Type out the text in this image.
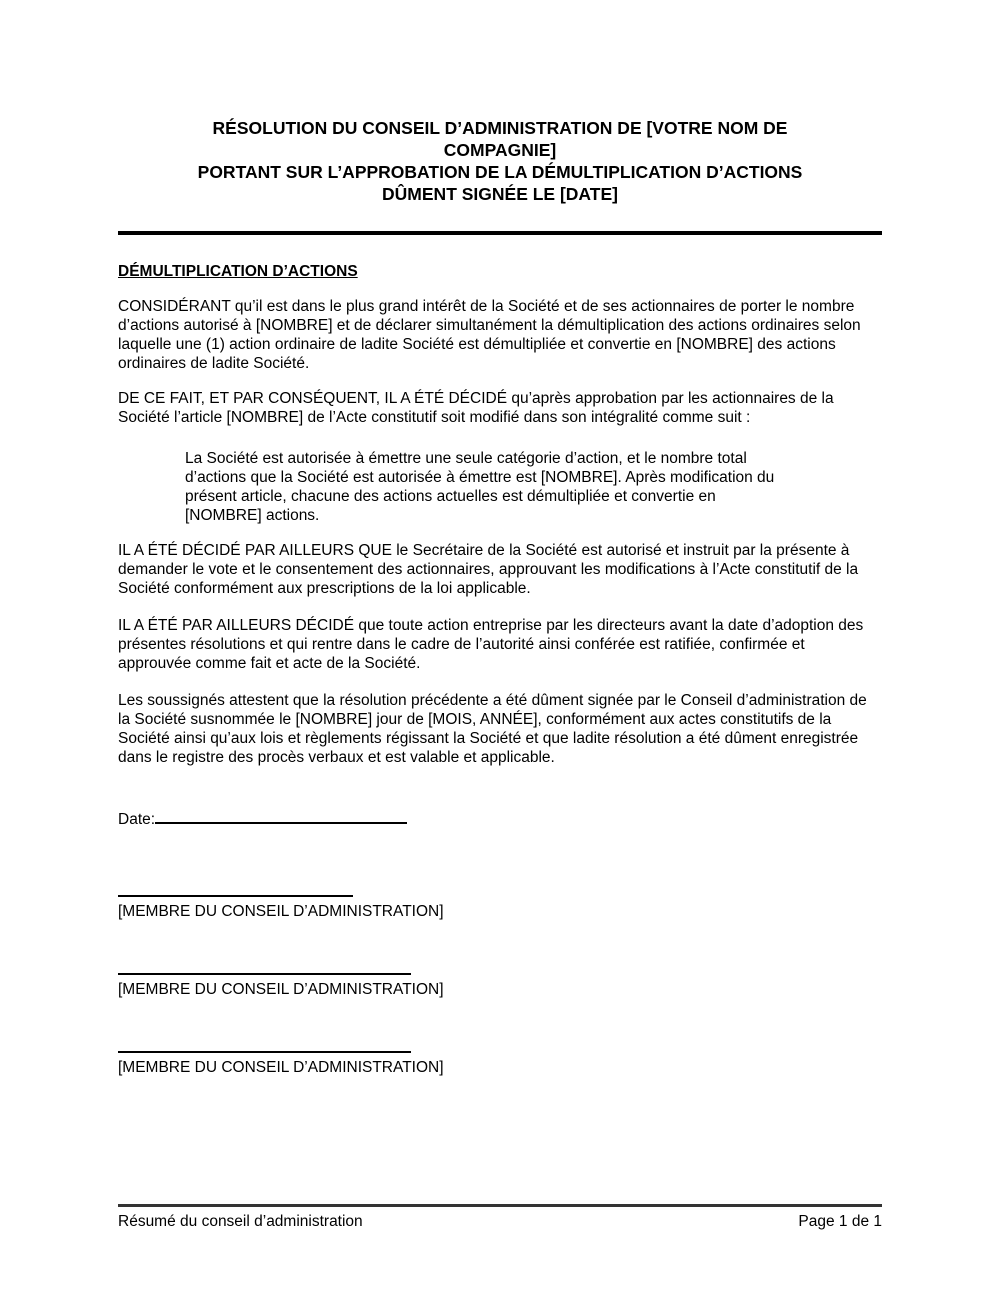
RÉSOLUTION DU CONSEIL D’ADMINISTRATION DE [VOTRE NOM DE
COMPAGNIE]
PORTANT SUR L’APPROBATION DE LA DÉMULTIPLICATION D’ACTIONS
DÛMENT SIGNÉE LE [DATE]
DÉMULTIPLICATION D’ACTIONS

CONSIDÉRANT qu’il est dans le plus grand intérêt de la Société et de ses actionnaires de porter le nombre d’actions autorisé à [NOMBRE] et de déclarer simultanément la démultiplication des actions ordinaires selon laquelle une (1) action ordinaire de ladite Société est démultipliée et convertie en [NOMBRE] des actions ordinaires de ladite Société.

DE CE FAIT, ET PAR CONSÉQUENT, IL A ÉTÉ DÉCIDÉ qu’après approbation par les actionnaires de la Société l’article [NOMBRE] de l’Acte constitutif soit modifié dans son intégralité comme suit :

La Société est autorisée à émettre une seule catégorie d’action, et le nombre total d’actions que la Société est autorisée à émettre est [NOMBRE]. Après modification du présent article, chacune des actions actuelles est démultipliée et convertie en [NOMBRE] actions.

IL A ÉTÉ DÉCIDÉ PAR AILLEURS QUE le Secrétaire de la Société est autorisé et instruit par la présente à demander le vote et le consentement des actionnaires, approuvant les modifications à l’Acte constitutif de la Société conformément aux prescriptions de la loi applicable.

IL A ÉTÉ PAR AILLEURS DÉCIDÉ que toute action entreprise par les directeurs avant la date d’adoption des présentes résolutions et qui rentre dans le cadre de l’autorité ainsi conférée est ratifiée, confirmée et approuvée comme fait et acte de la Société.

Les soussignés attestent que la résolution précédente a été dûment signée par le Conseil d’administration de la Société susnommée le [NOMBRE] jour de [MOIS, ANNÉE], conformément aux actes constitutifs de la Société ainsi qu’aux lois et règlements régissant la Société et que ladite résolution a été dûment enregistrée dans le registre des procès verbaux et est valable et applicable.

Date:
[MEMBRE DU CONSEIL D’ADMINISTRATION]
[MEMBRE DU CONSEIL D’ADMINISTRATION]
[MEMBRE DU CONSEIL D’ADMINISTRATION]
Résumé du conseil d’administration	Page 1 de 1
